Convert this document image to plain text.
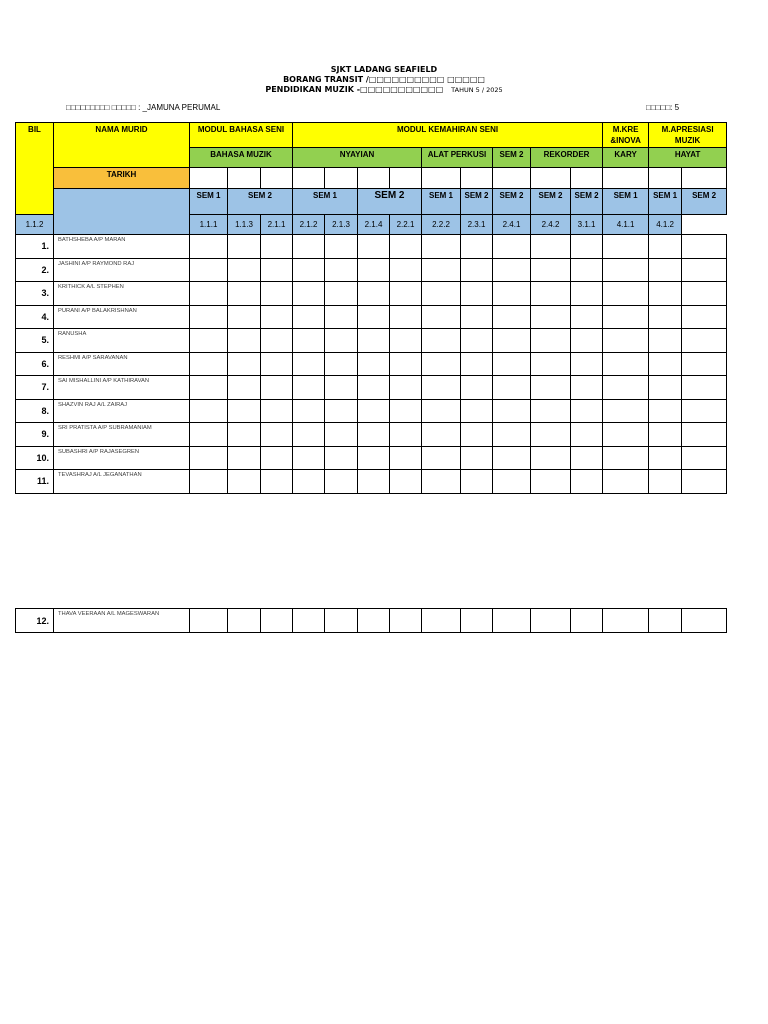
SJKT LADANG SEAFIELD
BORANG TRANSIT /□□□□□□□□□□ □□□□□
PENDIDIKAN MUZIK -□□□□□□□□□□□ TAHUN 5 / 2025
□□□□□□□□□ □□□□□ : _JAMUNA PERUMAL	□□□□□: 5
BIL	NAMA MURID	MODUL BAHASA SENI			MODUL KEMAHIRAN SENI									M.KRE &INOVA	M.APRESIASI MUZIK	
		BAHASA MUZIK			NYAYIAN				ALAT PERKUSI		SEM 2	REKORDER		KARY	HAYAT	
	TARIKH															
		SEM 1	SEM 2		SEM 1		SEM 2		SEM 1	SEM 2	SEM 2	SEM 2	SEM 2	SEM 1	SEM 1	SEM 2
1.1.2		1.1.1	1.1.3	2.1.1	2.1.2	2.1.3	2.1.4	2.2.1	2.2.2	2.3.1	2.4.1	2.4.2	3.1.1	4.1.1	4.1.2	
1.	BATHSHEBA A/P MARAN															
2.	JASHINI A/P RAYMOND RAJ															
3.	KRITHICK A/L STEPHEN															
4.	PURANI A/P BALAKRISHNAN															
5.	RANUSHA															
6.	RESHMI A/P SARAVANAN															
7.	SAI MISHALLINI A/P KATHIRAVAN															
8.	SHAZVIN RAJ A/L ZAIRAJ															
9.	SRI PRATISTA A/P SUBRAMANIAM															
10.	SUBASHRI A/P RAJASEGREN															
11.	TEVASHRAJ A/L JEGANATHAN															
12.	THAVA VEERAAN A/L MAGESWARAN															
